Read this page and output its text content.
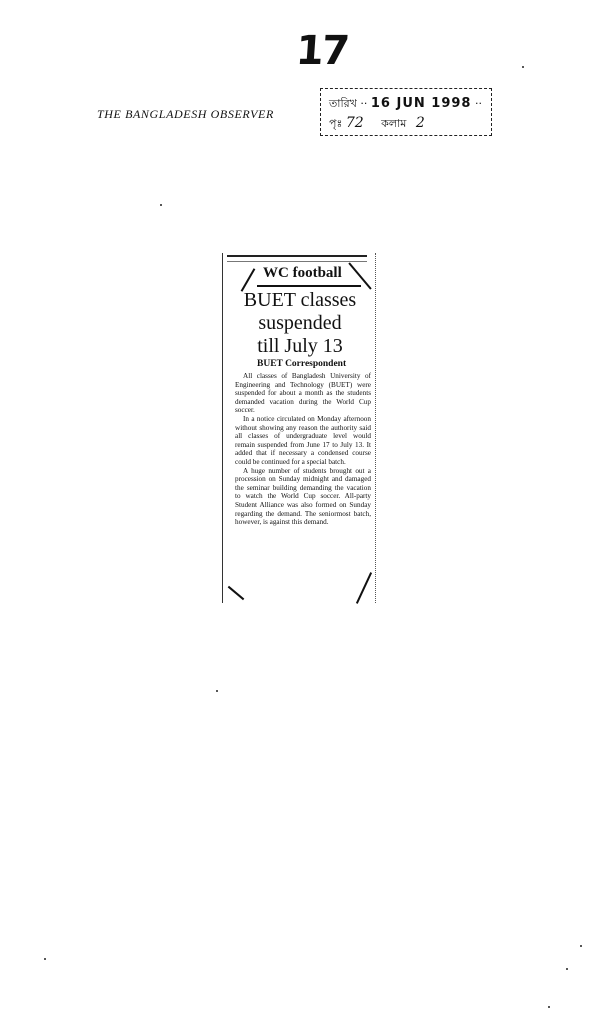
17
THE BANGLADESH OBSERVER
তারিখ ·· 16 JUN 1998 ··
পৃঃ 72 কলাম 2
WC football
BUET classes
suspended
till July 13
BUET Correspondent

All classes of Bangladesh University of Engineering and Technology (BUET) were suspended for about a month as the students demanded vacation during the World Cup soccer.

In a notice circulated on Monday afternoon without showing any reason the authority said all classes of undergraduate level would remain suspended from June 17 to July 13. It added that if necessary a condensed course could be continued for a special batch.

A huge number of students brought out a procession on Sunday midnight and damaged the seminar building demanding the vacation to watch the World Cup soccer. All-party Student Alliance was also formed on Sunday regarding the demand. The seniormost batch, however, is against this demand.
